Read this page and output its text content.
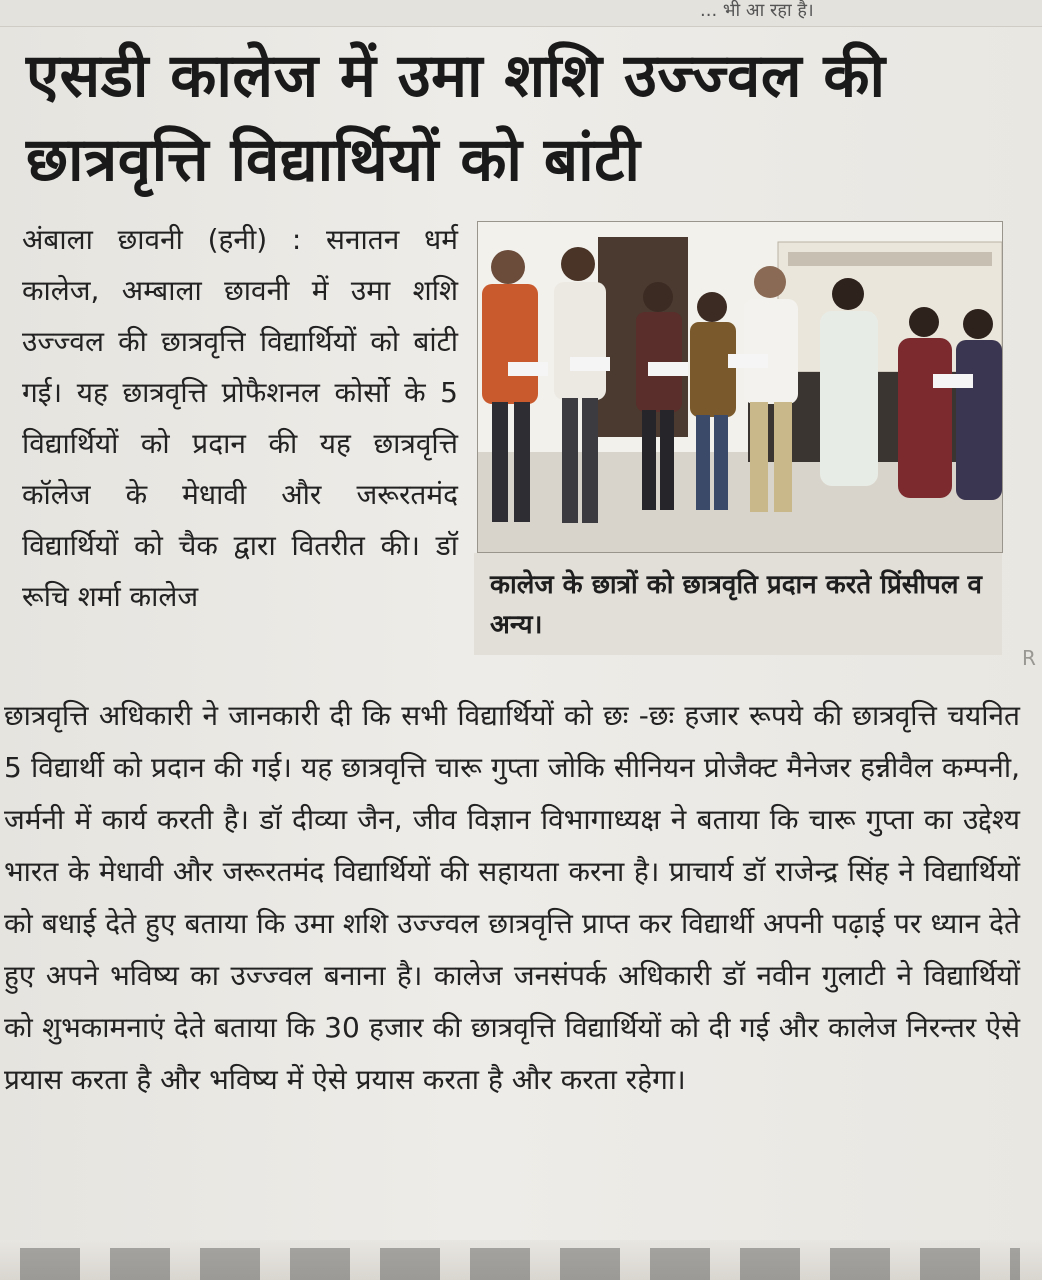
... भी आ रहा है।
एसडी कालेज में उमा शशि उज्ज्वल की छात्रवृत्ति विद्यार्थियों को बांटी

अंबाला छावनी (हनी) : सनातन धर्म कालेज, अम्बाला छावनी में उमा शशि उज्ज्वल की छात्रवृत्ति विद्यार्थियों को बांटी गई। यह छात्रवृत्ति प्रोफैशनल कोर्सो के 5 विद्यार्थियों को प्रदान की यह छात्रवृत्ति कॉलेज के मेधावी और जरूरतमंद विद्यार्थियों को चैक द्वारा वितरीत की। डॉ रूचि शर्मा कालेज	कालेज के छात्रों को छात्रवृति प्रदान करते प्रिंसीपल व अन्य।

R

छात्रवृत्ति अधिकारी ने जानकारी दी कि सभी विद्यार्थियों को छः -छः हजार रूपये की छात्रवृत्ति चयनित 5 विद्यार्थी को प्रदान की गई। यह छात्रवृत्ति चारू गुप्ता जोकि सीनियन प्रोजैक्ट मैनेजर हन्नीवैल कम्पनी, जर्मनी में कार्य करती है। डॉ दीव्या जैन, जीव विज्ञान विभागाध्यक्ष ने बताया कि चारू गुप्ता का उद्देश्य भारत के मेधावी और जरूरतमंद विद्यार्थियों की सहायता करना है। प्राचार्य डॉ राजेन्द्र सिंह ने विद्यार्थियों को बधाई देते हुए बताया कि उमा शशि उज्ज्वल छात्रवृत्ति प्राप्त कर विद्यार्थी अपनी पढ़ाई पर ध्यान देते हुए अपने भविष्य का उज्ज्वल बनाना है। कालेज जनसंपर्क अधिकारी डॉ नवीन गुलाटी ने विद्यार्थियों को शुभकामनाएं देते बताया कि 30 हजार की छात्रवृत्ति विद्यार्थियों को दी गई और कालेज निरन्तर ऐसे प्रयास करता है और भविष्य में ऐसे प्रयास करता है और करता रहेगा।
